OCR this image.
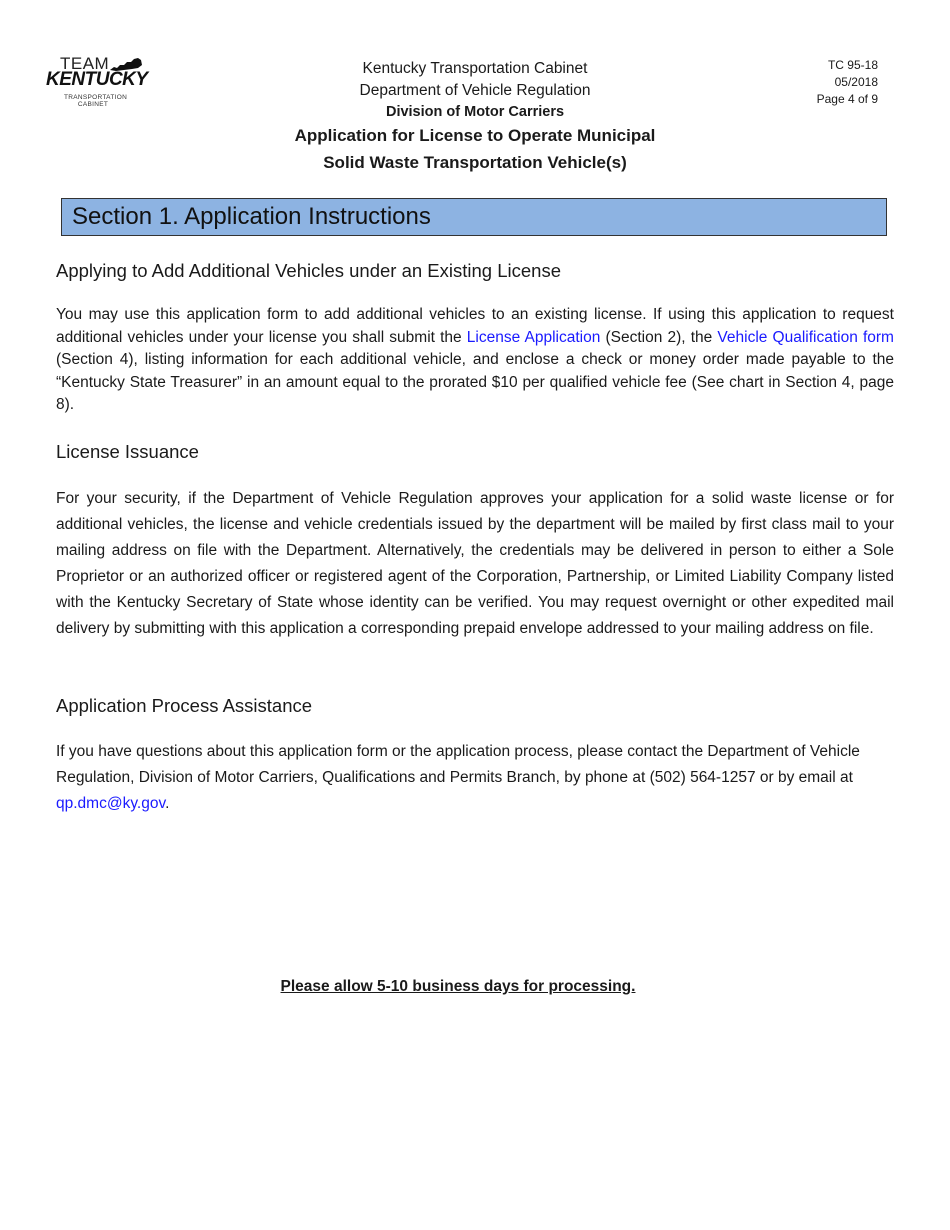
TEAM
KENTUCKY
TRANSPORTATION
CABINET
Kentucky Transportation Cabinet
Department of Vehicle Regulation
Division of Motor Carriers
Application for License to Operate Municipal
Solid Waste Transportation Vehicle(s)
TC 95-18
05/2018
Page 4 of 9
Section 1. Application Instructions
Applying to Add Additional Vehicles under an Existing License
You may use this application form to add additional vehicles to an existing license. If using this application to request additional vehicles under your license you shall submit the License Application (Section 2), the Vehicle Qualification form (Section 4), listing information for each additional vehicle, and enclose a check or money order made payable to the “Kentucky State Treasurer” in an amount equal to the prorated $10 per qualified vehicle fee (See chart in Section 4, page 8).
License Issuance
For your security, if the Department of Vehicle Regulation approves your application for a solid waste license or for additional vehicles, the license and vehicle credentials issued by the department will be mailed by first class mail to your mailing address on file with the Department. Alternatively, the credentials may be delivered in person to either a Sole Proprietor or an authorized officer or registered agent of the Corporation, Partnership, or Limited Liability Company listed with the Kentucky Secretary of State whose identity can be verified. You may request overnight or other expedited mail delivery by submitting with this application a corresponding prepaid envelope addressed to your mailing address on file.
Application Process Assistance
If you have questions about this application form or the application process, please contact the Department of Vehicle Regulation, Division of Motor Carriers, Qualifications and Permits Branch, by phone at (502) 564-1257 or by email at qp.dmc@ky.gov.
Please allow 5-10 business days for processing.
